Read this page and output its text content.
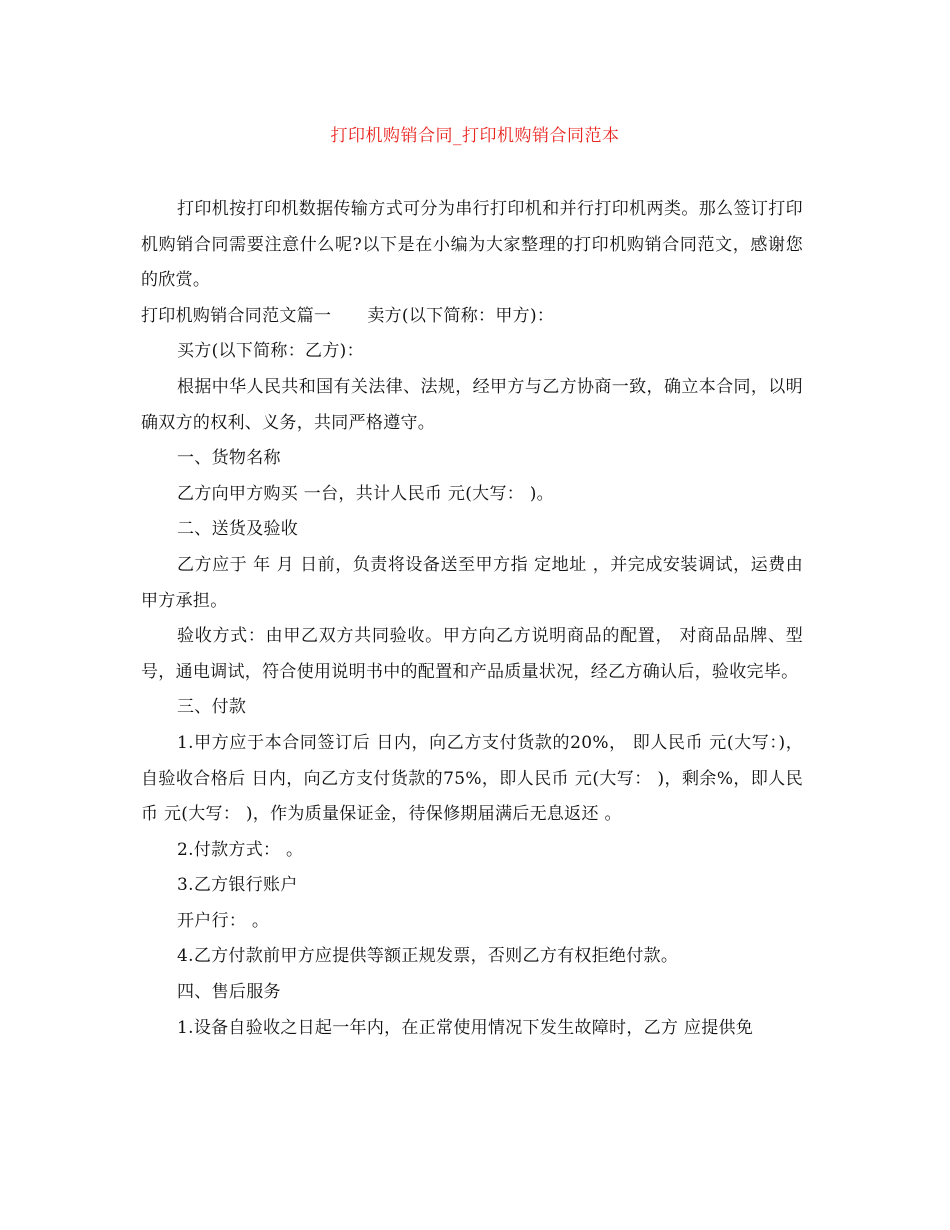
打印机购销合同_打印机购销合同范本

打印机按打印机数据传输方式可分为串行打印机和并行打印机两类。那么签订打印机购销合同需要注意什么呢?以下是在小编为大家整理的打印机购销合同范文，感谢您的欣赏。

打印机购销合同范文篇一 卖方(以下简称：甲方)：

买方(以下简称：乙方)：

根据中华人民共和国有关法律、法规，经甲方与乙方协商一致，确立本合同，以明确双方的权利、义务，共同严格遵守。

一、货物名称

乙方向甲方购买 一台，共计人民币 元(大写： )。

二、送货及验收

乙方应于 年 月 日前，负责将设备送至甲方指 定地址 ，并完成安装调试，运费由甲方承担。

验收方式：由甲乙双方共同验收。甲方向乙方说明商品的配置， 对商品品牌、型号，通电调试，符合使用说明书中的配置和产品质量状况，经乙方确认后，验收完毕。

三、付款

1.甲方应于本合同签订后 日内，向乙方支付货款的20%， 即人民币 元(大写：)，自验收合格后 日内，向乙方支付货款的75%，即人民币 元(大写： )，剩余%，即人民币 元(大写： )，作为质量保证金，待保修期届满后无息返还 。

2.付款方式： 。

3.乙方银行账户

开户行： 。

4.乙方付款前甲方应提供等额正规发票，否则乙方有权拒绝付款。

四、售后服务

1.设备自验收之日起一年内，在正常使用情况下发生故障时，乙方 应提供免
